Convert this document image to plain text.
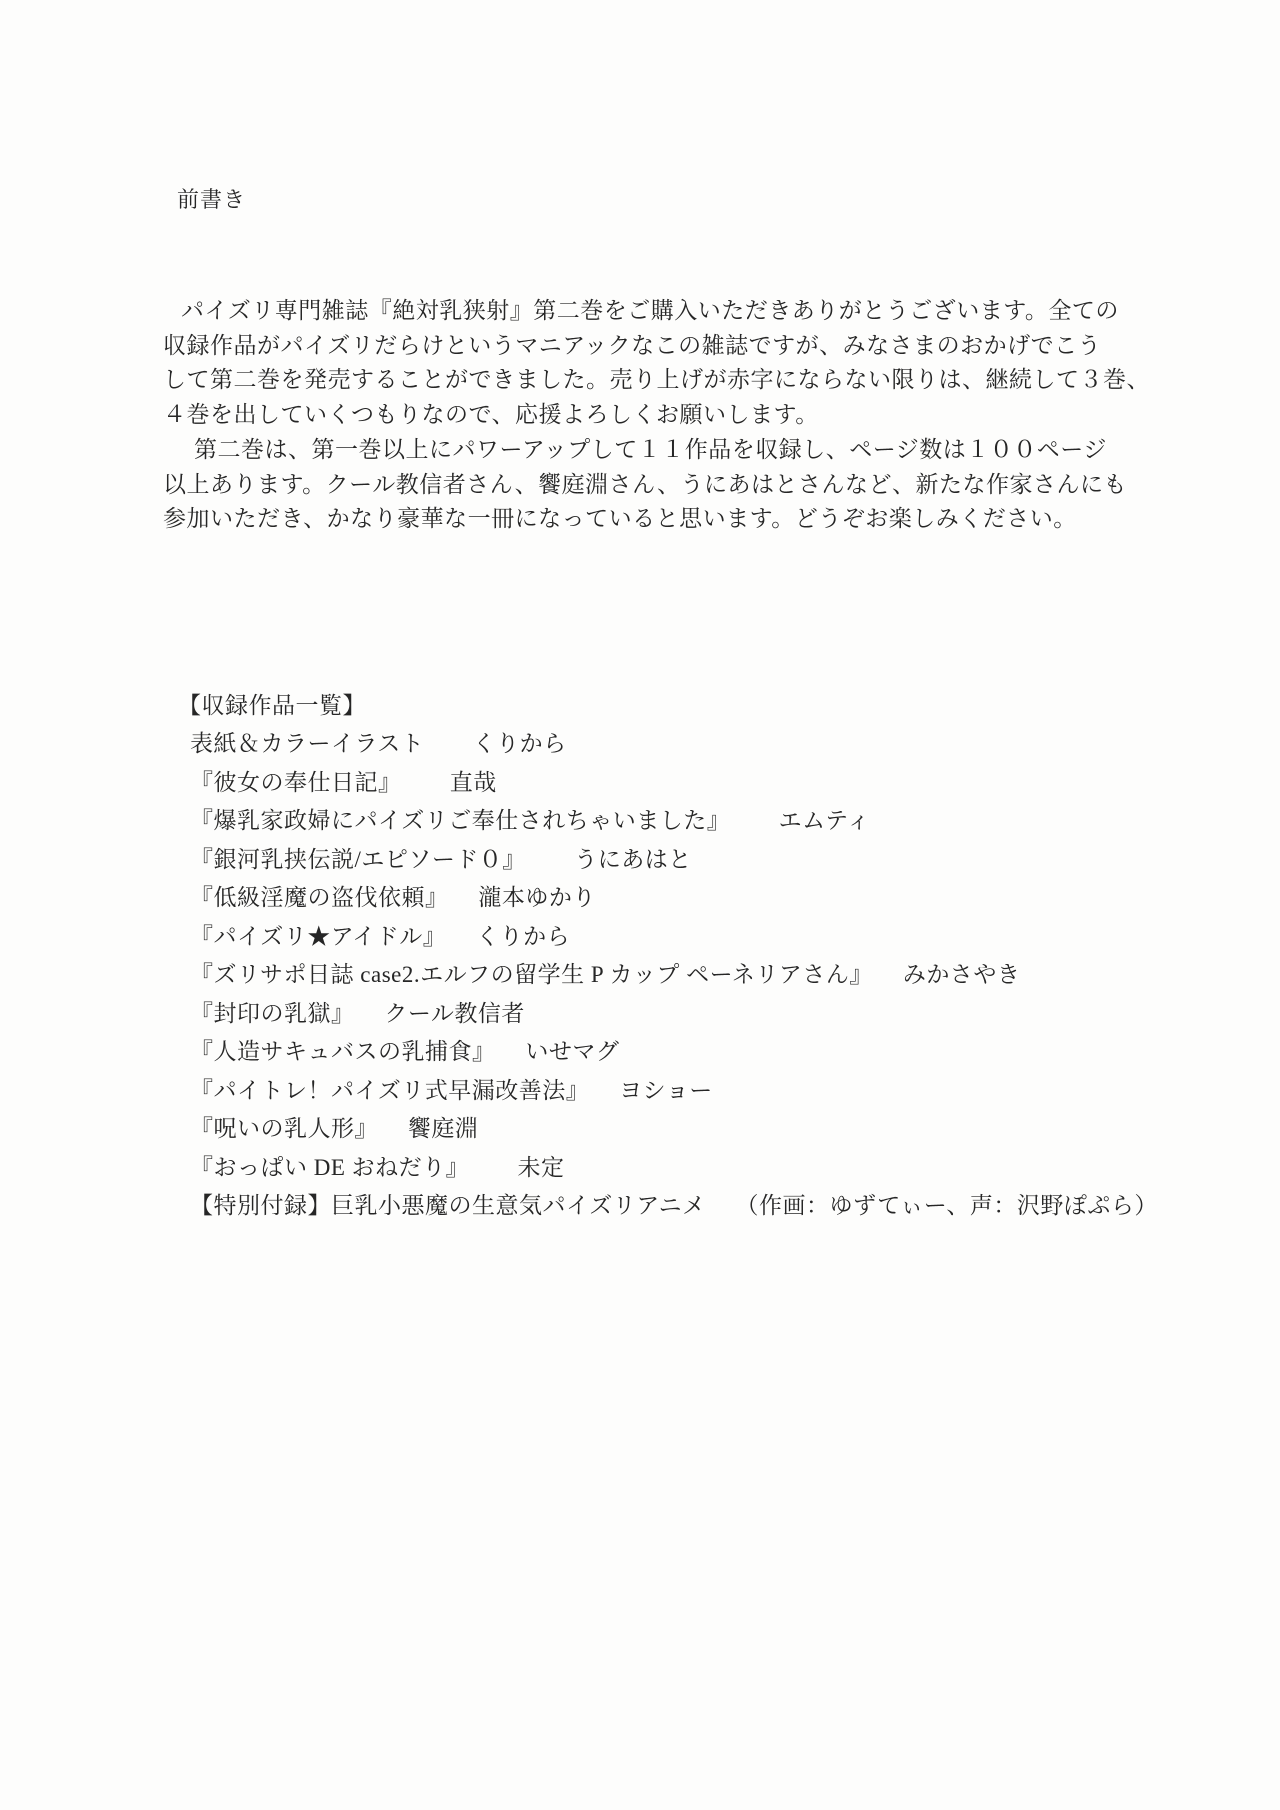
前書き
パイズリ専門雑誌『絶対乳狭射』第二巻をご購入いただきありがとうございます。全ての
収録作品がパイズリだらけというマニアックなこの雑誌ですが、みなさまのおかげでこう
して第二巻を発売することができました。売り上げが赤字にならない限りは、継続して３巻、
４巻を出していくつもりなので、応援よろしくお願いします。
第二巻は、第一巻以上にパワーアップして１１作品を収録し、ページ数は１００ページ
以上あります。クール教信者さん、饗庭淵さん、うにあはとさんなど、新たな作家さんにも
参加いただき、かなり豪華な一冊になっていると思います。どうぞお楽しみください。
【収録作品一覧】
表紙＆カラーイラスト くりから
『彼女の奉仕日記』 直哉
『爆乳家政婦にパイズリご奉仕されちゃいました』 エムティ
『銀河乳挟伝説/エピソード０』 うにあはと
『低級淫魔の盗伐依頼』 瀧本ゆかり
『パイズリ★アイドル』 くりから
『ズリサポ日誌 case2.エルフの留学生 P カップ ペーネリアさん』 みかさやき
『封印の乳獄』 クール教信者
『人造サキュバスの乳捕食』 いせマグ
『パイトレ！パイズリ式早漏改善法』 ヨショー
『呪いの乳人形』 饗庭淵
『おっぱい DE おねだり』 未定
【特別付録】巨乳小悪魔の生意気パイズリアニメ （作画：ゆずてぃー、声：沢野ぽぷら）
